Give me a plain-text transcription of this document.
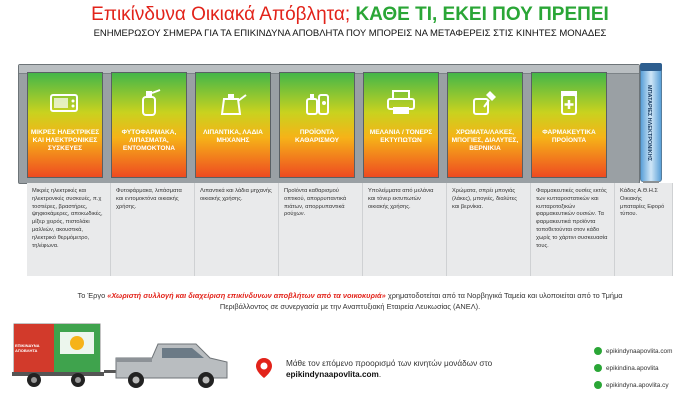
Επικίνδυνα Οικιακά Απόβλητα; ΚΑΘΕ ΤΙ, ΕΚΕΙ ΠΟΥ ΠΡΕΠΕΙ
ΕΝΗΜΕΡΩΣΟΥ ΣΗΜΕΡΑ ΓΙΑ ΤΑ ΕΠΙΚΙΝΔΥΝΑ ΑΠΟΒΛΗΤΑ ΠΟΥ ΜΠΟΡΕΙΣ ΝΑ ΜΕΤΑΦΕΡΕΙΣ ΣΤΙΣ ΚΙΝΗΤΕΣ ΜΟΝΑΔΕΣ
ΜΙΚΡΕΣ ΗΛΕΚΤΡΙΚΕΣ ΚΑΙ ΗΛΕΚΤΡΟΝΙΚΕΣ ΣΥΣΚΕΥΕΣ
ΦΥΤΟΦΑΡΜΑΚΑ, ΛΙΠΑΣΜΑΤΑ, ΕΝΤΟΜΟΚΤΟΝΑ
ΛΙΠΑΝΤΙΚΑ, ΛΑΔΙΑ ΜΗΧΑΝΗΣ
ΠΡΟΪΟΝΤΑ ΚΑΘΑΡΙΣΜΟΥ
ΜΕΛΑΝΙΑ / ΤΟΝΕΡΣ ΕΚΤΥΠΩΤΩΝ
ΧΡΩΜΑΤΑ/ΛΑΚΕΣ, ΜΠΟΓΙΕΣ, ΔΙΑΛΥΤΕΣ, ΒΕΡΝΙΚΙΑ
ΦΑΡΜΑΚΕΥΤΙΚΑ ΠΡΟΪΟΝΤΑ	ΜΠΑΤΑΡΙΕΣ ΗΛΕΚΤΡΟΝΙΚΗΣ
Μικρές ηλεκτρικές και ηλεκτρονικές συσκευές, π.χ τοστιέρες, βραστήρες, ψηφιοκάμερες, αποκωδικές, μίξερ χειρός, πιστολάκι μαλλιών, ακουστικά, ηλεκτρικό θερμόμετρο, τηλέφωνα.
Φυτοφάρμακα, λιπάσματα και εντομοκτόνα οικιακής χρήσης.
Λιπαντικά και λάδια μηχανής οικιακής χρήσης.
Προϊόντα καθαρισμού οπτικού, απορρυπαντικά πιάτων, απορρυπαντικά ρούχων.
Υπολείμματα από μελάνια και τόνερ εκτυπωτών οικιακής χρήσης.
Χρώματα, σπρέι μπογιάς (λάκες), μπογιές, διαλύτες και βερνίκια.
Φαρμακευτικές ουσίες εκτός των κυτταροστατικών και κυτταροτοξικών φαρμακευτικών ουσιών. Τα φαρμακευτικά προϊόντα τοποθετούνται στον κάδο χωρίς το χάρτινι συσκευασία τους.
Κάδος Α.Θ.Η.Σ Οικιακής μπαταρίες Εφορό τύπου.
Το Έργο «Χωριστή συλλογή και διαχείριση επικίνδυνων αποβλήτων από τα νοικοκυριά» χρηματοδοτείται από τα Νορβηγικά Ταμεία και υλοποιείται από το Τμήμα
Περιβάλλοντος σε συνεργασία με την Αναπτυξιακή Εταιρεία Λευκωσίας (ΑΝΕΛ).
ΕΠΙΚΙΝΔΥΝΑ ΑΠΟΒΛΗΤΑ
Μάθε τον επόμενο προορισμό των κινητών μονάδων στο
epikindynaapovlita.com.
epikindynaapovlita.com
epikindina.apovlita
epikindyna.apovlita.cy
